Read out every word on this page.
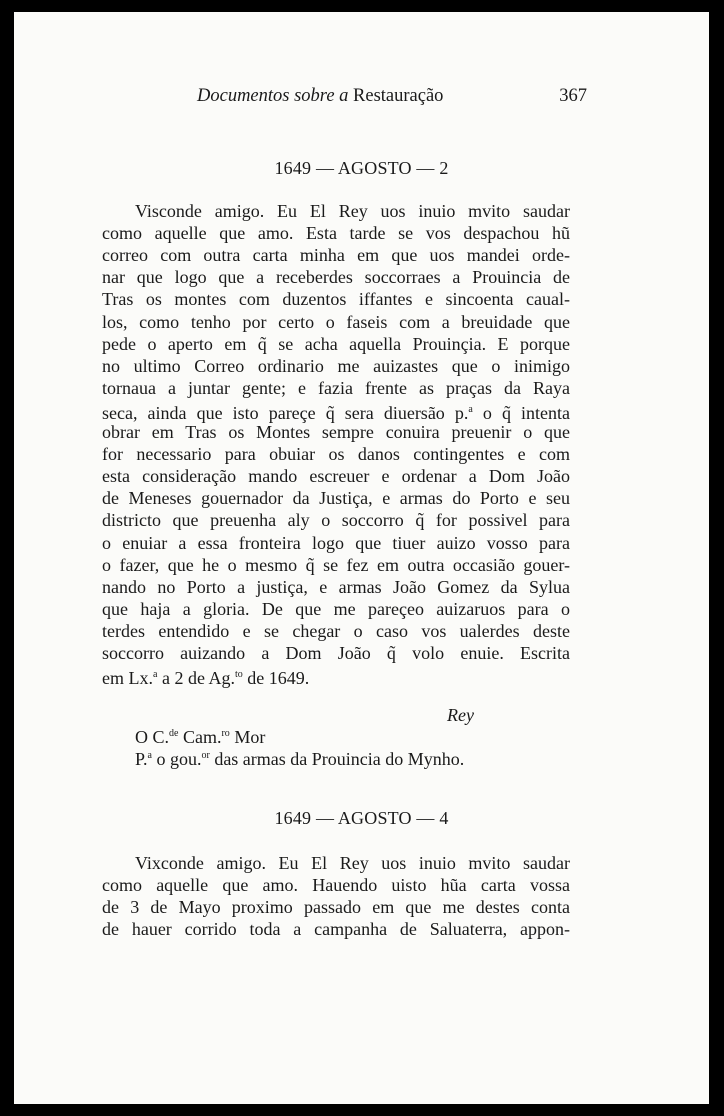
Documentos sobre a Restauração	367
1649 — AGOSTO — 2
Visconde amigo. Eu El Rey uos inuio mvito saudar
como aquelle que amo. Esta tarde se vos despachou hũ
correo com outra carta minha em que uos mandei orde-
nar que logo que a receberdes soccorraes a Prouincia de
Tras os montes com duzentos iffantes e sincoenta caual-
los, como tenho por certo o faseis com a breuidade que
pede o aperto em q̃ se acha aquella Prouinçia. E porque
no ultimo Correo ordinario me auizastes que o inimigo
tornaua a juntar gente; e fazia frente as praças da Raya
seca, ainda que isto pareçe q̃ sera diuersão p.$^a$ o q̃ intenta
obrar em Tras os Montes sempre conuira preuenir o que
for necessario para obuiar os danos contingentes e com
esta consideração mando escreuer e ordenar a Dom João
de Meneses gouernador da Justiça, e armas do Porto e seu
districto que preuenha aly o soccorro q̃ for possivel para
o enuiar a essa fronteira logo que tiuer auizo vosso para
o fazer, que he o mesmo q̃ se fez em outra occasião gouer-
nando no Porto a justiça, e armas João Gomez da Sylua
que haja a gloria. De que me pareçeo auizaruos para o
terdes entendido e se chegar o caso vos ualerdes deste
soccorro auizando a Dom João q̃ volo enuie. Escrita
em Lx.$^a$ a 2 de Ag.$^{to}$ de 1649.
Rey
O C.$^{de}$ Cam.$^{ro}$ Mor
P.$^a$ o gou.$^{or}$ das armas da Prouincia do Mynho.
1649 — AGOSTO — 4
Vixconde amigo. Eu El Rey uos inuio mvito saudar
como aquelle que amo. Hauendo uisto hũa carta vossa
de 3 de Mayo proximo passado em que me destes conta
de hauer corrido toda a campanha de Saluaterra, appon-
